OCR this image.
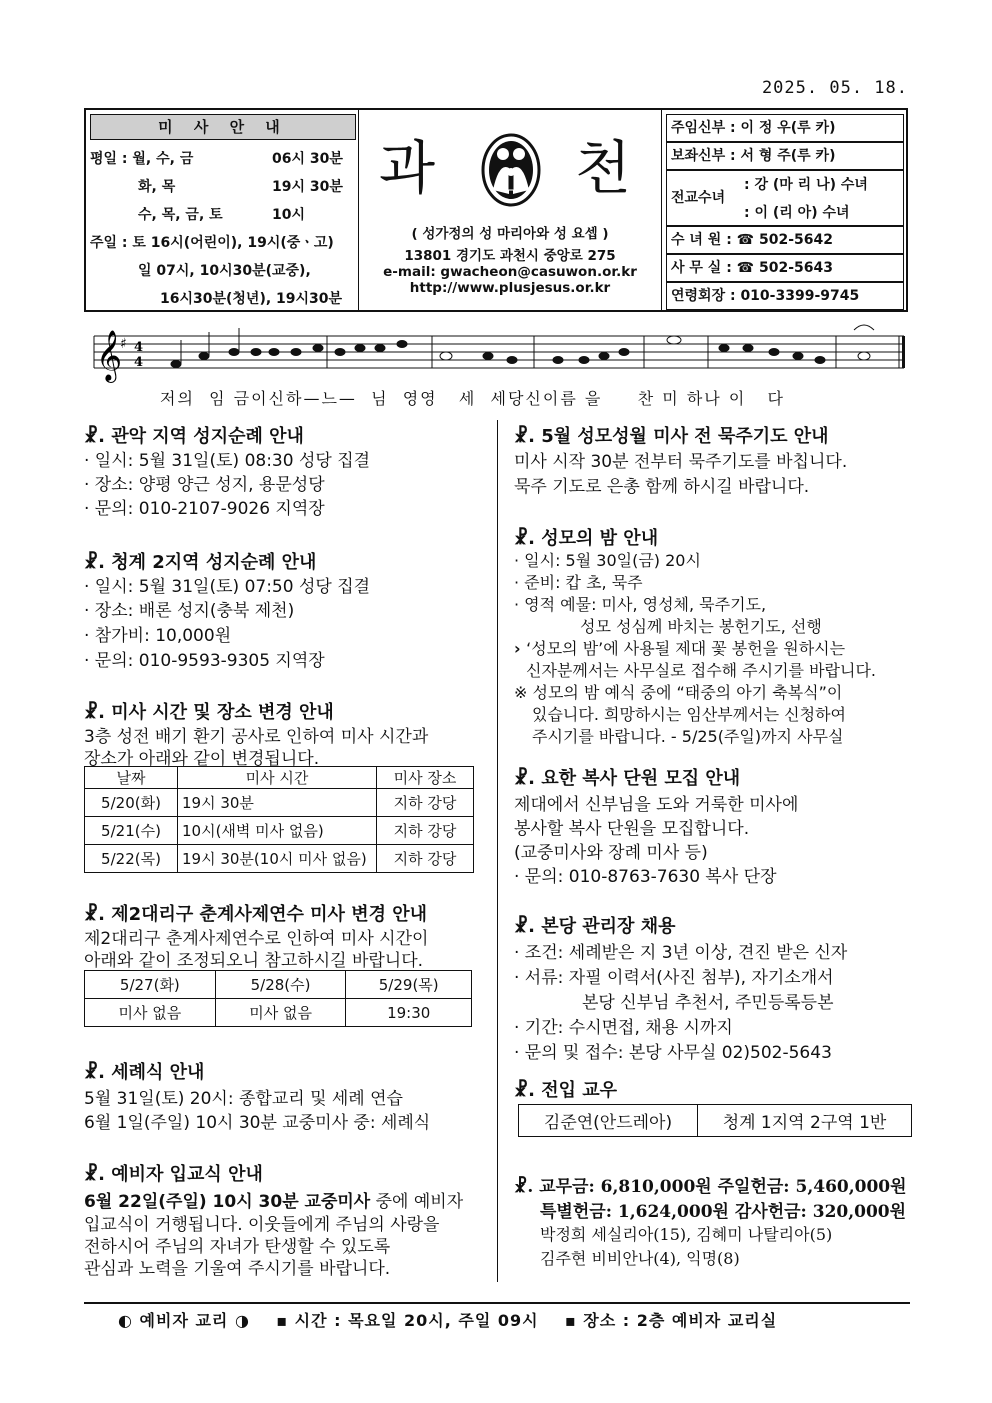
2025. 05. 18.
미 사 안 내
평일 : 월, 수, 금	06시 30분
화, 목	19시 30분
수, 목, 금, 토	10시
주일 : 토 16시(어린이), 19시(중ㆍ고)
일 07시, 10시30분(교중),
16시30분(청년), 19시30분
과 천
( 성가정의 성 마리아와 성 요셉 )
13801 경기도 과천시 중앙로 275
e-mail: gwacheon@casuwon.or.kr
http://www.plusjesus.or.kr
주임신부 : 이 정 우(루 카)
보좌신부 : 서 형 주(루 카)
전교수녀
: 강 (마 리 나) 수녀
: 이 (리 아) 수녀
수 녀 원 : ☎ 502-5642
사 무 실 : ☎ 502-5643
연령회장 : 010-3399-9745
𝄞
♯ 4
4
저의  임 금이신하—느—  님  영영   세  세당신이름 을     찬 미 하나 이   다
☧. 관악 지역 성지순례 안내
· 일시: 5월 31일(토) 08:30 성당 집결
· 장소: 양평 양근 성지, 용문성당
· 문의: 010-2107-9026 지역장
☧. 청계 2지역 성지순례 안내
· 일시: 5월 31일(토) 07:50 성당 집결
· 장소: 배론 성지(충북 제천)
· 참가비: 10,000원
· 문의: 010-9593-9305 지역장
☧. 미사 시간 및 장소 변경 안내
3층 성전 배기 환기 공사로 인하여 미사 시간과
장소가 아래와 같이 변경됩니다.
날짜	미사 시간	미사 장소
5/20(화)	19시 30분	지하 강당
5/21(수)	10시(새벽 미사 없음)	지하 강당
5/22(목)	19시 30분(10시 미사 없음)	지하 강당
☧. 제2대리구 춘계사제연수 미사 변경 안내
제2대리구 춘계사제연수로 인하여 미사 시간이
아래와 같이 조정되오니 참고하시길 바랍니다.
5/27(화)	5/28(수)	5/29(목)
미사 없음	미사 없음	19:30
☧. 세례식 안내
5월 31일(토) 20시: 종합교리 및 세례 연습
6월 1일(주일) 10시 30분 교중미사 중: 세례식
☧. 예비자 입교식 안내
6월 22일(주일) 10시 30분 교중미사 중에 예비자
입교식이 거행됩니다. 이웃들에게 주님의 사랑을
전하시어 주님의 자녀가 탄생할 수 있도록
관심과 노력을 기울여 주시기를 바랍니다.
☧. 5월 성모성월 미사 전 묵주기도 안내
미사 시작 30분 전부터 묵주기도를 바칩니다.
묵주 기도로 은총 함께 하시길 바랍니다.
☧. 성모의 밤 안내
· 일시: 5월 30일(금) 20시
· 준비: 캅 초, 묵주
· 영적 예물: 미사, 영성체, 묵주기도,
성모 성심께 바치는 봉헌기도, 선행
› ‘성모의 밤’에 사용될 제대 꽃 봉헌을 원하시는
신자분께서는 사무실로 접수해 주시기를 바랍니다.
※ 성모의 밤 예식 중에 “태중의 아기 축복식”이
있습니다. 희망하시는 임산부께서는 신청하여
주시기를 바랍니다. - 5/25(주일)까지 사무실
☧. 요한 복사 단원 모집 안내
제대에서 신부님을 도와 거룩한 미사에
봉사할 복사 단원을 모집합니다.
(교중미사와 장례 미사 등)
· 문의: 010-8763-7630 복사 단장
☧. 본당 관리장 채용
· 조건: 세례받은 지 3년 이상, 견진 받은 신자
· 서류: 자필 이력서(사진 첨부), 자기소개서
본당 신부님 추천서, 주민등록등본
· 기간: 수시면접, 채용 시까지
· 문의 및 접수: 본당 사무실 02)502-5643
☧. 전입 교우
김준연(안드레아)	청계 1지역 2구역 1반
☧. 교무금: 6,810,000원 주일헌금: 5,460,000원
특별헌금: 1,624,000원 감사헌금: 320,000원
박정희 세실리아(15), 김혜미 나탈리아(5)
김주현 비비안나(4), 익명(8)
◐ 예비자 교리 ◑ ▪ 시간 : 목요일 20시, 주일 09시 ▪ 장소 : 2층 예비자 교리실
